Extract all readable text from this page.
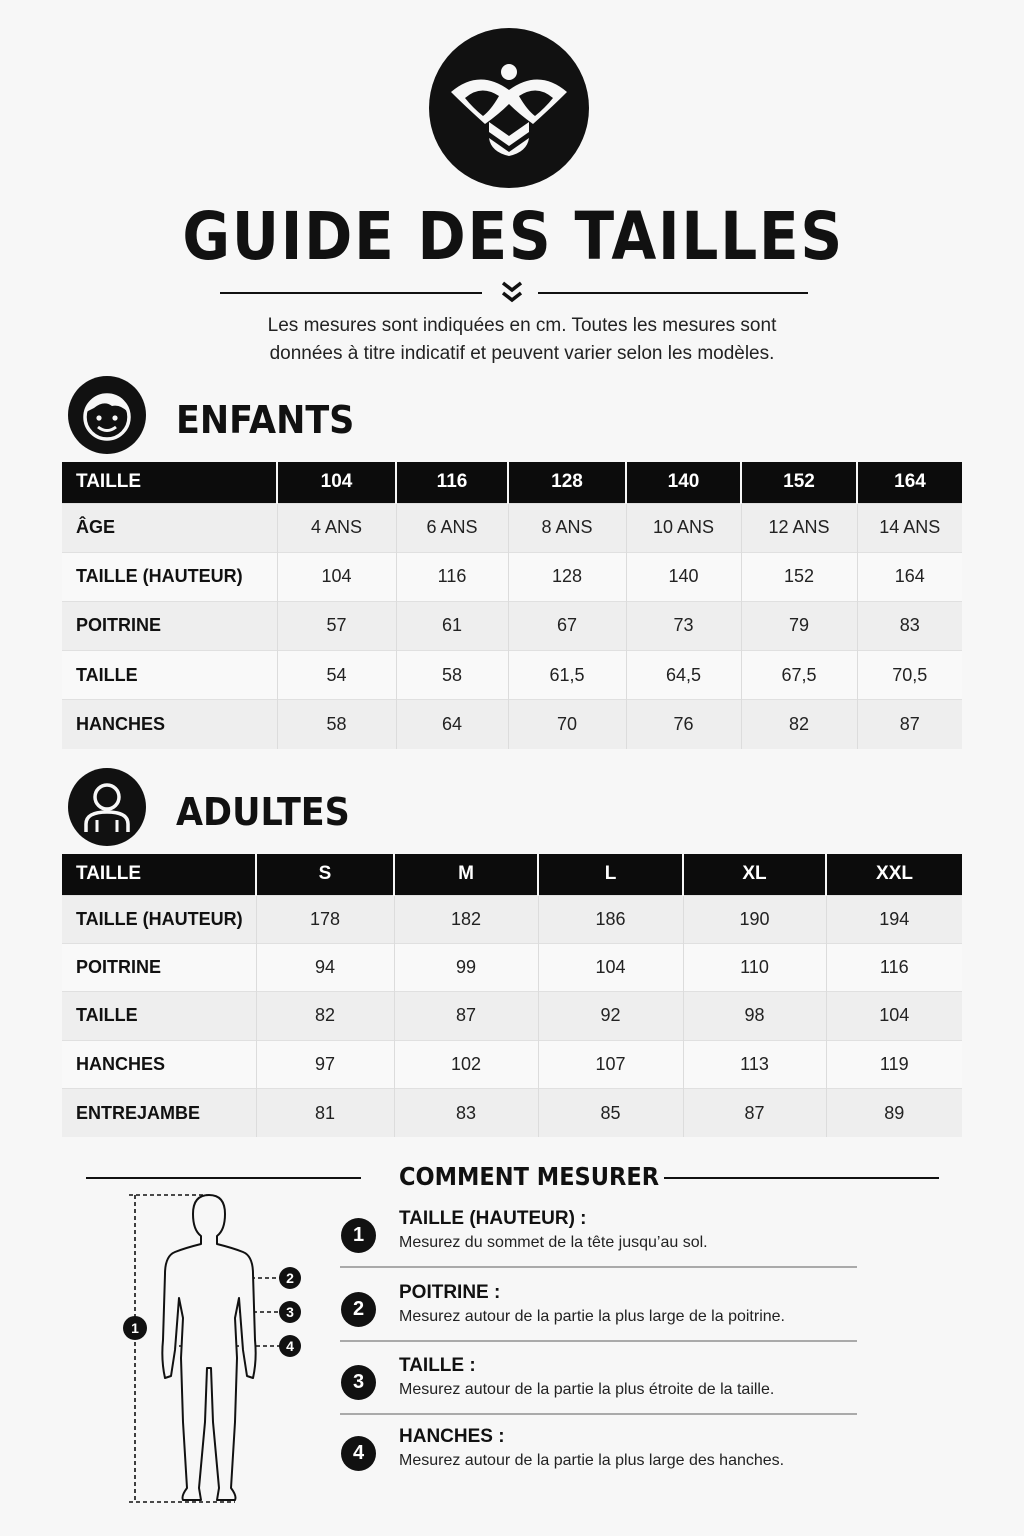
GUIDE DES TAILLES
Les mesures sont indiquées en cm. Toutes les mesures sont
données à titre indicatif et peuvent varier selon les modèles.
ENFANTS
TAILLE	104	116	128	140	152	164
ÂGE	4 ANS	6 ANS	8 ANS	10 ANS	12 ANS	14 ANS
TAILLE (HAUTEUR)	104	116	128	140	152	164
POITRINE	57	61	67	73	79	83
TAILLE	54	58	61,5	64,5	67,5	70,5
HANCHES	58	64	70	76	82	87
ADULTES
TAILLE	S	M	L	XL	XXL
TAILLE (HAUTEUR)	178	182	186	190	194
POITRINE	94	99	104	110	116
TAILLE	82	87	92	98	104
HANCHES	97	102	107	113	119
ENTREJAMBE	81	83	85	87	89
COMMENT MESURER
1
2
3
4
1
TAILLE (HAUTEUR) :
Mesurez du sommet de la tête jusqu’au sol.
2
POITRINE :
Mesurez autour de la partie la plus large de la poitrine.
3
TAILLE :
Mesurez autour de la partie la plus étroite de la taille.
4
HANCHES :
Mesurez autour de la partie la plus large des hanches.
